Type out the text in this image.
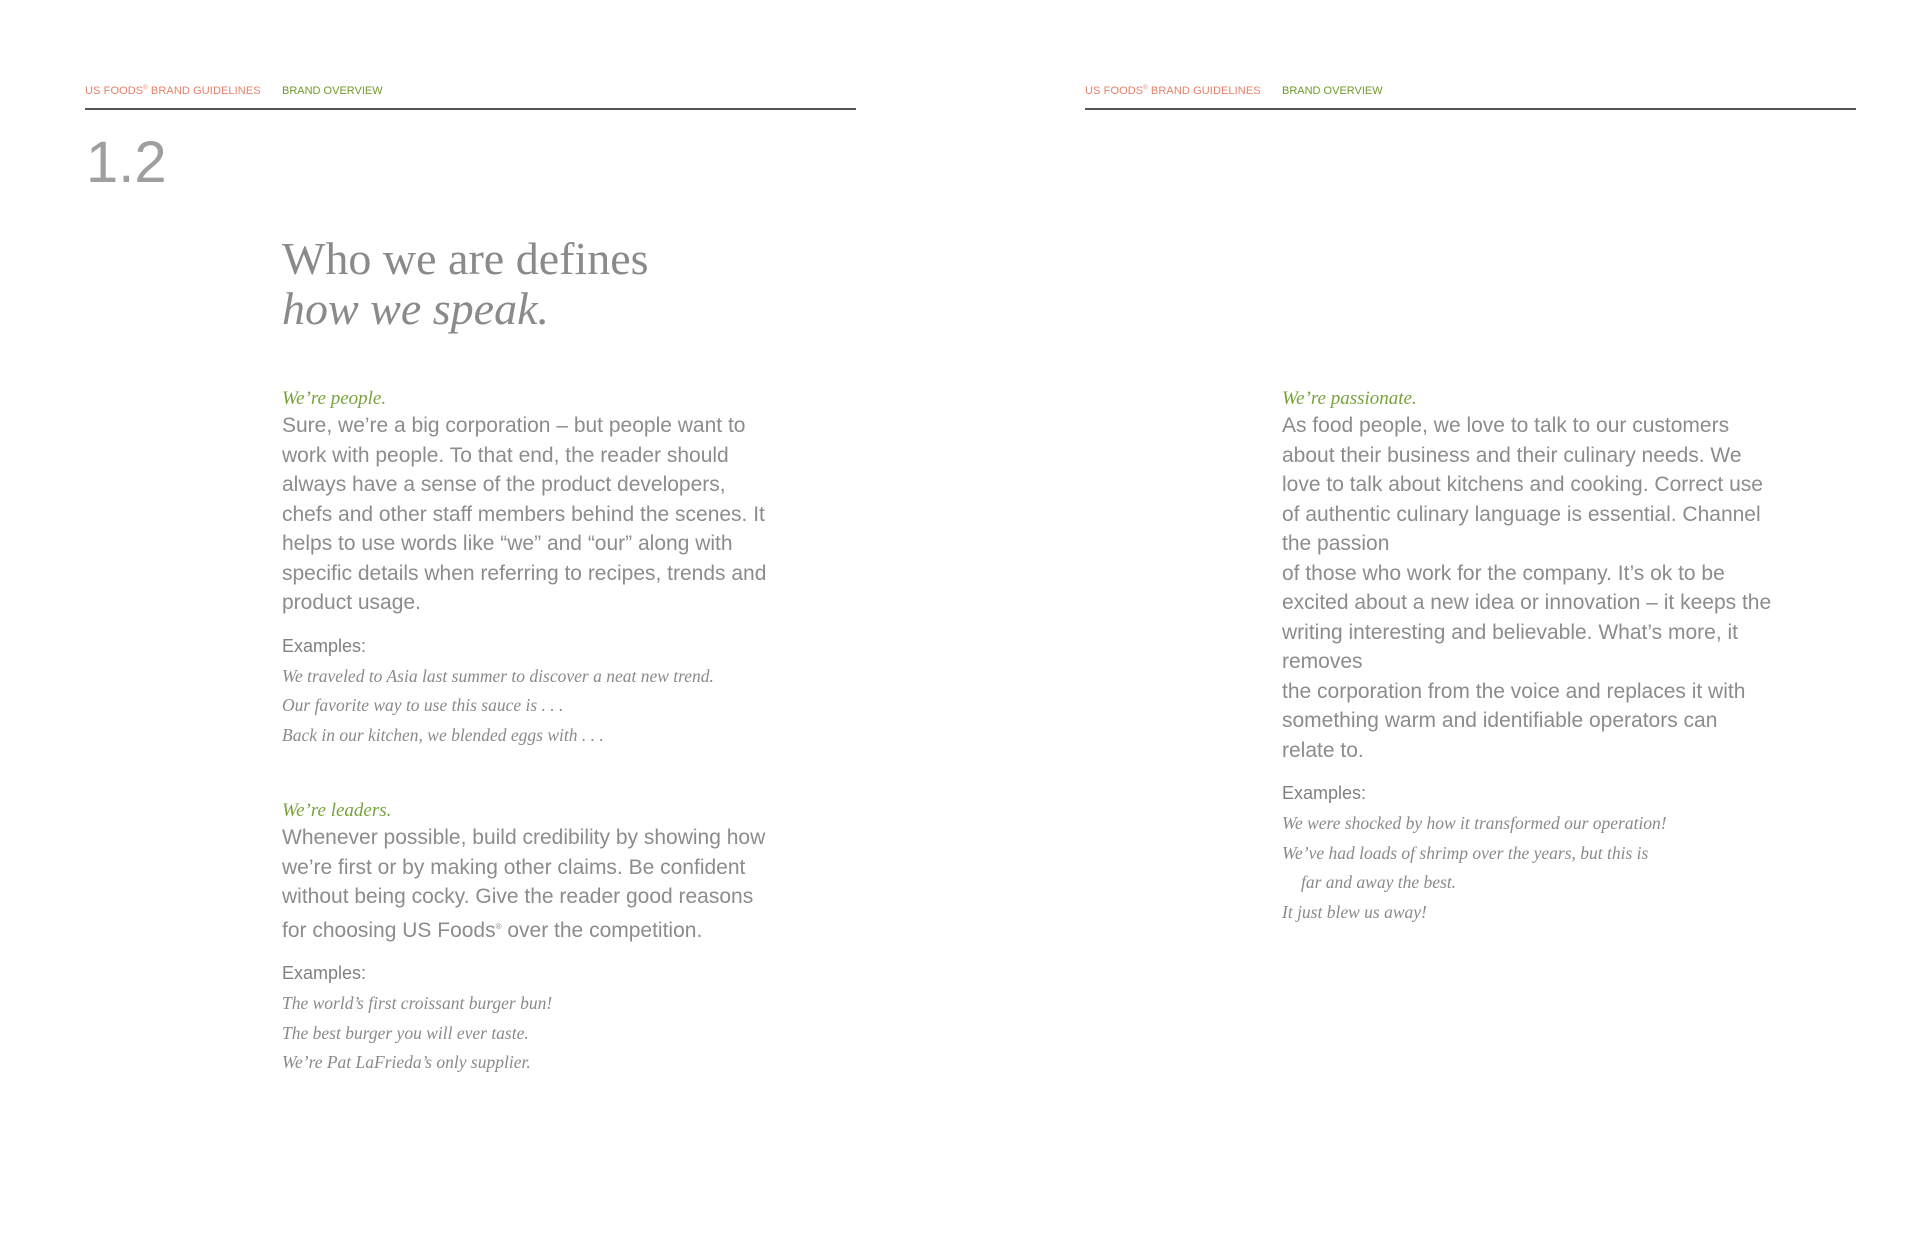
US FOODS® BRAND GUIDELINES BRAND OVERVIEW
1.2
Who we are defines
how we speak.

We’re people.

Sure, we’re a big corporation – but people want to
work with people. To that end, the reader should
always have a sense of the product developers,
chefs and other staff members behind the scenes. It
helps to use words like “we” and “our” along with
specific details when referring to recipes, trends and
product usage.

Examples:

We traveled to Asia last summer to discover a neat new trend.

Our favorite way to use this sauce is . . .

Back in our kitchen, we blended eggs with . . .

We’re leaders.

Whenever possible, build credibility by showing how
we’re first or by making other claims. Be confident
without being cocky. Give the reader good reasons
for choosing US Foods® over the competition.

Examples:

The world’s first croissant burger bun!

The best burger you will ever taste.

We’re Pat LaFrieda’s only supplier.

US FOODS® BRAND GUIDELINES BRAND OVERVIEW

We’re passionate.

As food people, we love to talk to our customers
about their business and their culinary needs. We
love to talk about kitchens and cooking. Correct use
of authentic culinary language is essential. Channel
the passion
of those who work for the company. It’s ok to be
excited about a new idea or innovation – it keeps the
writing interesting and believable. What’s more, it
removes
the corporation from the voice and replaces it with
something warm and identifiable operators can
relate to.

Examples:

We were shocked by how it transformed our operation!

We’ve had loads of shrimp over the years, but this is

far and away the best.

It just blew us away!
